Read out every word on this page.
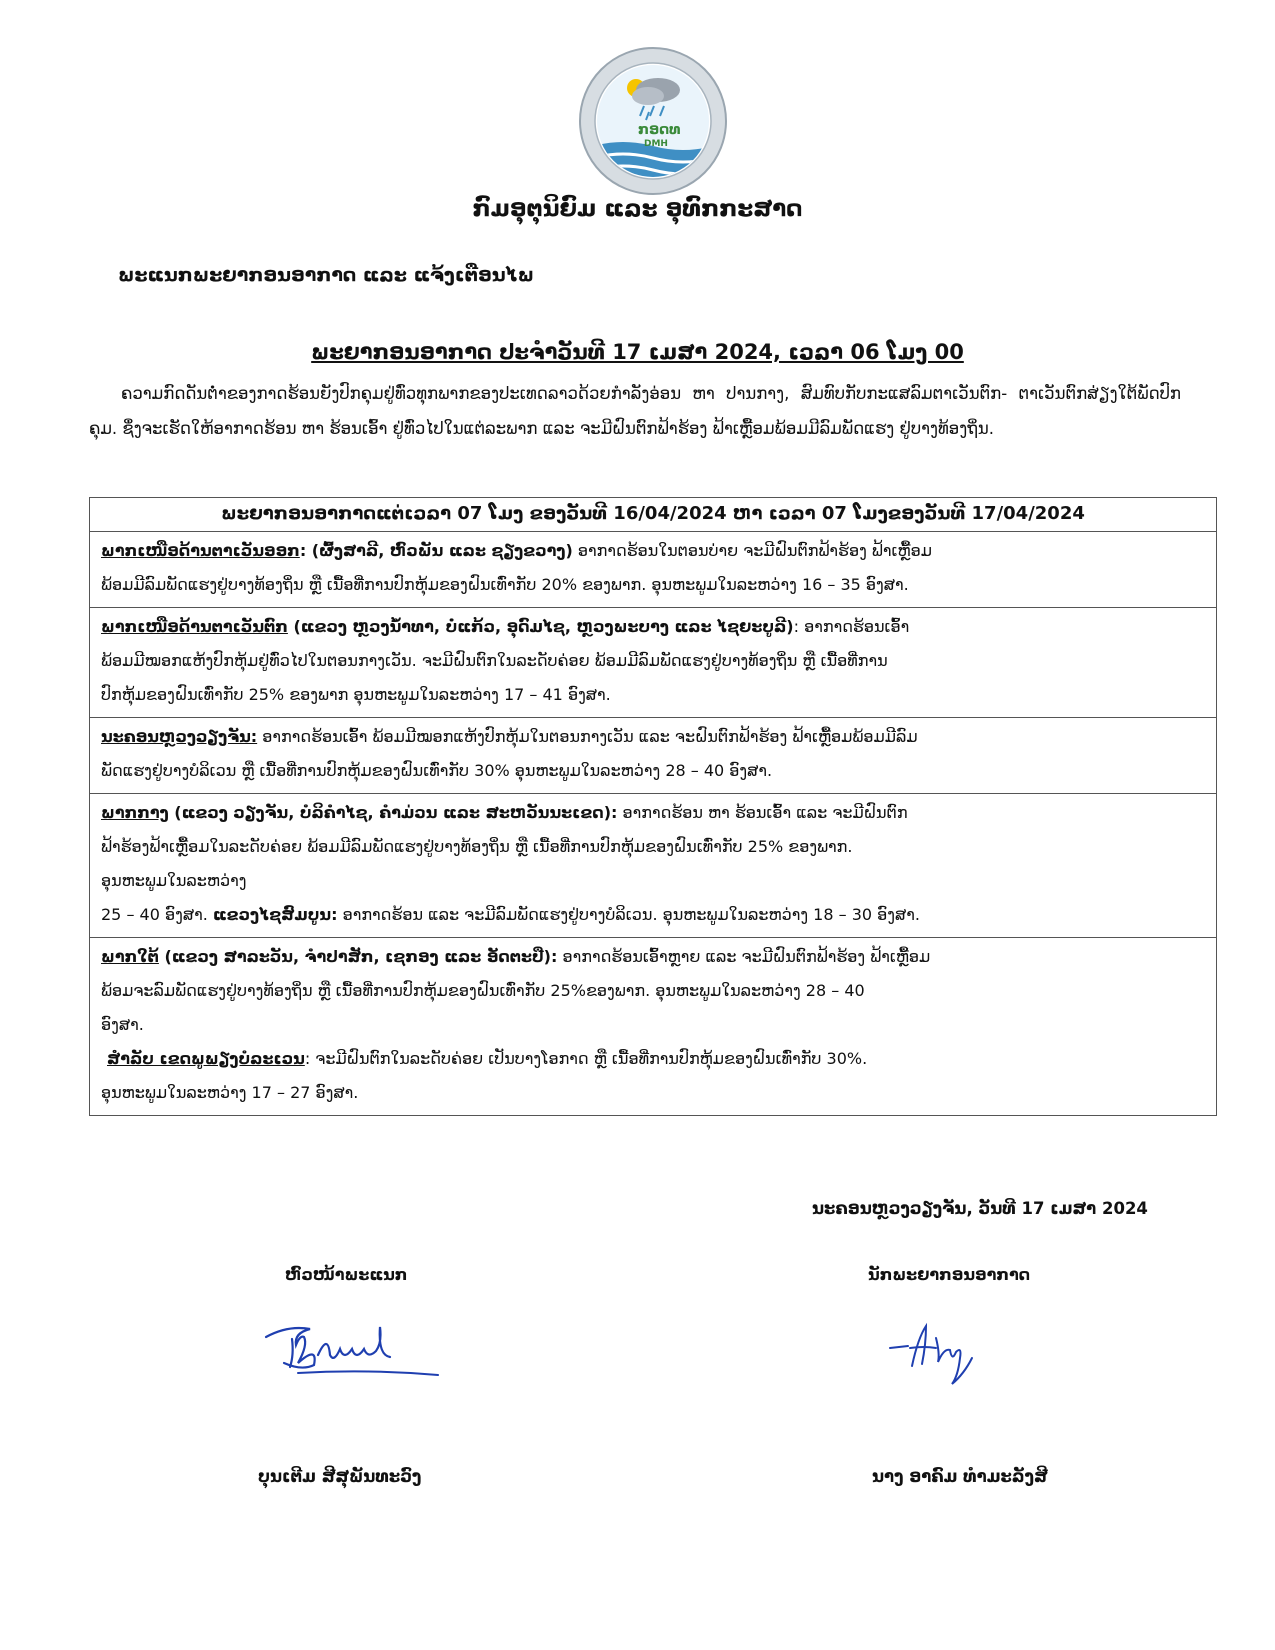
ກອດທ
DMH
ກົມອຸຕຸນິຍົມ ແລະ ອຸທົກກະສາດ
ພະແນກພະຍາກອນອາກາດ ແລະ ແຈ້ງເຕືອນໄພ
ພະຍາກອນອາກາດ ປະຈຳວັນທີ 17 ເມສາ 2024, ເວລາ 06 ໂມງ 00

ຄວາມກົດດັນຕໍ່າຂອງກາດຮ້ອນຍັງປົກຄຸມຢູ່ທົ່ວທຸກພາກຂອງປະເທດລາວດ້ວຍກຳລັງອ່ອນ ຫາ ປານກາງ, ສົມທົບກັບກະແສລົມຕາເວັນຕົກ- ຕາເວັນຕົກສ່ຽງໃຕ້ພັດປົກຄຸມ. ຊຶ່ງຈະເຮັດໃຫ້ອາກາດຮ້ອນ ຫາ ຮ້ອນເອົ້າ ຢູ່ທົ່ວໄປໃນແຕ່ລະພາກ ແລະ ຈະມີຝົນຕົກຟ້າຮ້ອງ ຟ້າເຫຼື້ອມພ້ອມມີລົມພັດແຮງ ຢູ່ບາງທ້ອງຖິ່ນ.

ພະຍາກອນອາກາດແຕ່ເວລາ 07 ໂມງ ຂອງວັນທີ 16/04/2024 ຫາ ເວລາ 07 ໂມງຂອງວັນທີ 17/04/2024
ພາກເໜືອດ້ານຕາເວັນອອກ: (ຜົ້ງສາລີ, ຫົວພັນ ແລະ ຊຽງຂວາງ) ອາກາດຮ້ອນໃນຕອນບ່າຍ ຈະມີຝົນຕົກຟ້າຮ້ອງ ຟ້າເຫຼື້ອມ
ພ້ອມມີລົມພັດແຮງຢູ່ບາງທ້ອງຖິ່ນ ຫຼື ເນື້ອທີ່ການປົກຫຸ້ມຂອງຝົນເທົ່າກັບ 20% ຂອງພາກ. ອຸນຫະພູມໃນລະຫວ່າງ 16 – 35 ອົງສາ.

ພາກເໜືອດ້ານຕາເວັນຕົກ (ແຂວງ ຫຼວງນ້ຳທາ, ບໍ່ແກ້ວ, ອຸດົມໄຊ, ຫຼວງພະບາງ ແລະ ໄຊຍະບູລີ): ອາກາດຮ້ອນເອົ້າ
ພ້ອມມີໝອກແຫ້ງປົກຫຸ້ມຢູ່ທົ່ວໄປໃນຕອນກາງເວັນ. ຈະມີຝົນຕົກໃນລະດັບຄ່ອຍ ພ້ອມມີລົມພັດແຮງຢູ່ບາງທ້ອງຖິ່ນ ຫຼື ເນື້ອທີ່ການ
ປົກຫຸ້ມຂອງຝົນເທົ່າກັບ 25% ຂອງພາກ ອຸນຫະພູມໃນລະຫວ່າງ 17 – 41 ອົງສາ.

ນະຄອນຫຼວງວຽງຈັນ: ອາກາດຮ້ອນເອົ້າ ພ້ອມມີໝອກແຫ້ງປົກຫຸ້ມໃນຕອນກາງເວັນ ແລະ ຈະຝົນຕົກຟ້າຮ້ອງ ຟ້າເຫຼື້ອມພ້ອມມີລົມ
ພັດແຮງຢູ່ບາງບໍລິເວນ ຫຼື ເນື້ອທີ່ການປົກຫຸ້ມຂອງຝົນເທົ່າກັບ 30% ອຸນຫະພູມໃນລະຫວ່າງ 28 – 40 ອົງສາ.

ພາກກາງ (ແຂວງ ວຽງຈັນ, ບໍລິຄຳໄຊ, ຄຳມ່ວນ ແລະ ສະຫວັນນະເຂດ): ອາກາດຮ້ອນ ຫາ ຮ້ອນເອົ້າ ແລະ ຈະມີຝົນຕົກ
ຟ້າຮ້ອງຟ້າເຫຼື້ອມໃນລະດັບຄ່ອຍ ພ້ອມມີລົມພັດແຮງຢູ່ບາງທ້ອງຖິ່ນ ຫຼື ເນື້ອທີ່ການປົກຫຸ້ມຂອງຝົນເທົ່າກັບ 25% ຂອງພາກ.
ອຸນຫະພູມໃນລະຫວ່າງ
25 – 40 ອົງສາ. ແຂວງໄຊສົມບູນ: ອາກາດຮ້ອນ ແລະ ຈະມີລົມພັດແຮງຢູ່ບາງບໍລິເວນ. ອຸນຫະພູມໃນລະຫວ່າງ 18 – 30 ອົງສາ.
ພາກໃຕ້ (ແຂວງ ສາລະວັນ, ຈຳປາສັກ, ເຊກອງ ແລະ ອັດຕະປື): ອາກາດຮ້ອນເອົ້າຫຼາຍ ແລະ ຈະມີຝົນຕົກຟ້າຮ້ອງ ຟ້າເຫຼື້ອມ
ພ້ອມຈະລົມພັດແຮງຢູ່ບາງທ້ອງຖິ່ນ ຫຼື ເນື້ອທີ່ການປົກຫຸ້ມຂອງຝົນເທົ່າກັບ 25%ຂອງພາກ. ອຸນຫະພູມໃນລະຫວ່າງ 28 – 40
ອົງສາ.
ສຳລັບ ເຂດພູພຽງບໍລະເວນ: ຈະມີຝົນຕົກໃນລະດັບຄ່ອຍ ເປັນບາງໂອກາດ ຫຼື ເນື້ອທີ່ການປົກຫຸ້ມຂອງຝົນເທົ່າກັບ 30%.
ອຸນຫະພູມໃນລະຫວ່າງ 17 – 27 ອົງສາ.
ນະຄອນຫຼວງວຽງຈັນ, ວັນທີ 17 ເມສາ 2024
ຫົວໜ້າພະແນກ	ນັກພະຍາກອນອາກາດ
ບຸນເຕີມ ສີສຸພັນທະວົງ	ນາງ ອາຄົມ ທຳມະລັງສີ
